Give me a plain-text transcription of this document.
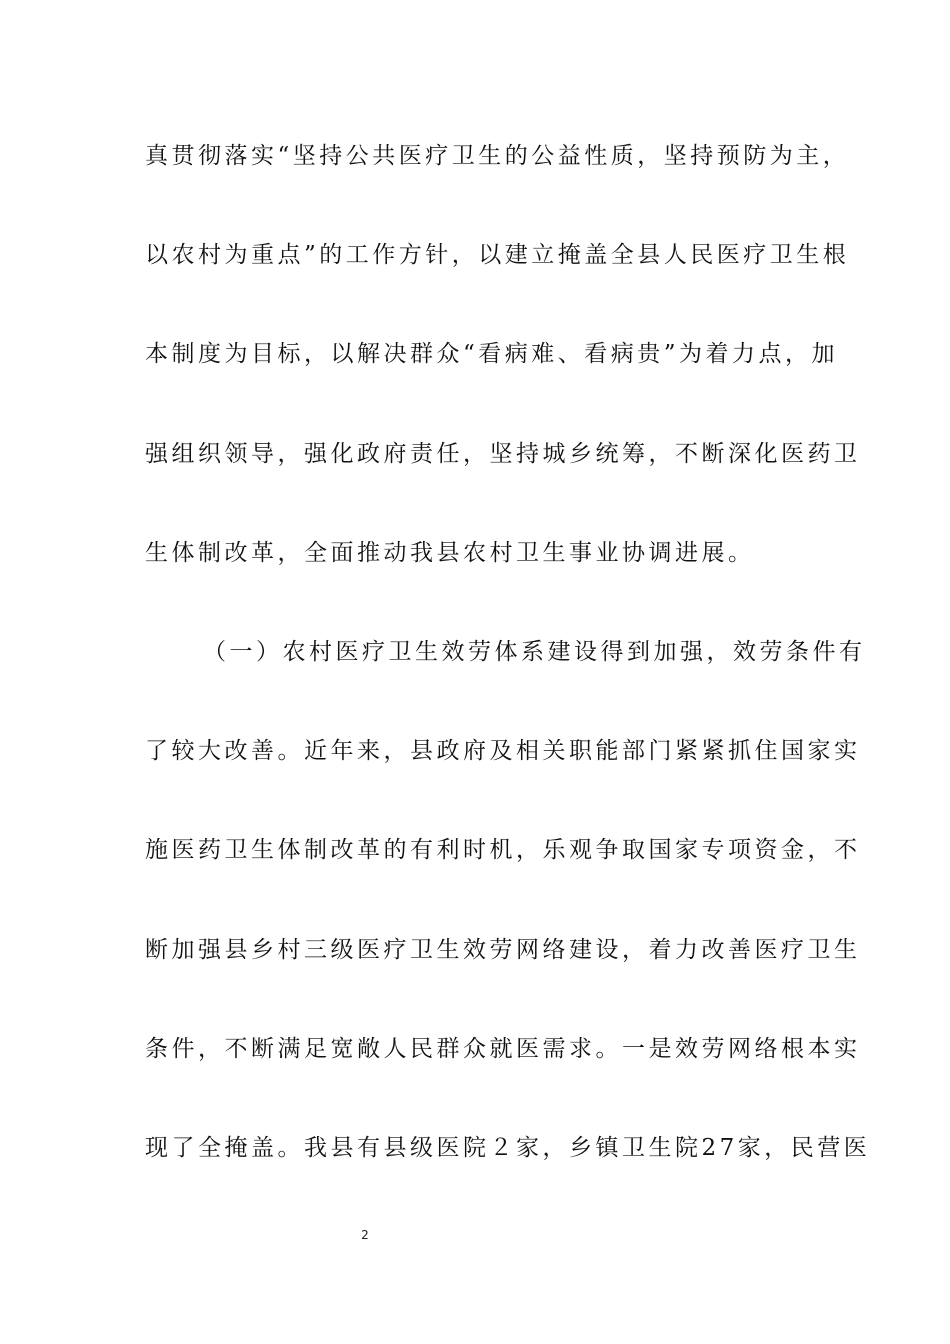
真贯彻落实“坚持公共医疗卫生的公益性质，坚持预防为主，
以农村为重点”的工作方针，以建立掩盖全县人民医疗卫生根
本制度为目标，以解决群众“看病难、看病贵”为着力点，加
强组织领导，强化政府责任，坚持城乡统筹，不断深化医药卫
生体制改革，全面推动我县农村卫生事业协调进展。
（一）农村医疗卫生效劳体系建设得到加强，效劳条件有
了较大改善。近年来，县政府及相关职能部门紧紧抓住国家实
施医药卫生体制改革的有利时机，乐观争取国家专项资金，不
断加强县乡村三级医疗卫生效劳网络建设，着力改善医疗卫生
条件，不断满足宽敞人民群众就医需求。一是效劳网络根本实
现了全掩盖。我县有县级医院２家，乡镇卫生院27家，民营医
2
